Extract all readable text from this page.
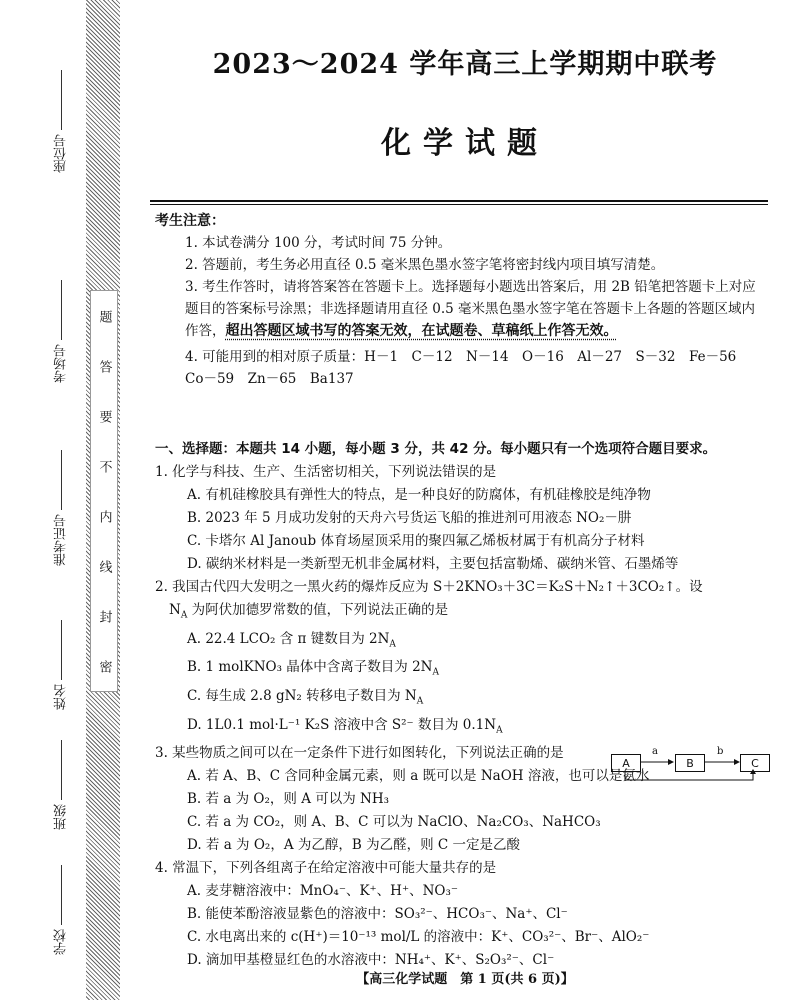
座位号
考场号
准考证号
姓名
班级
学校
题
答
要
不
内
线
封
密
2023～2024 学年高三上学期期中联考
化学试题
考生注意：
1. 本试卷满分 100 分，考试时间 75 分钟。
2. 答题前，考生务必用直径 0.5 毫米黑色墨水签字笔将密封线内项目填写清楚。
3. 考生作答时，请将答案答在答题卡上。选择题每小题选出答案后，用 2B 铅笔把答题卡上对应题目的答案标号涂黑；非选择题请用直径 0.5 毫米黑色墨水签字笔在答题卡上各题的答题区域内作答，超出答题区域书写的答案无效，在试题卷、草稿纸上作答无效。
4. 可能用到的相对原子质量：H－1　C－12　N－14　O－16　Al－27　S－32　Fe－56
Co－59　Zn－65　Ba137
一、选择题：本题共 14 小题，每小题 3 分，共 42 分。每小题只有一个选项符合题目要求。
1. 化学与科技、生产、生活密切相关，下列说法错误的是
A. 有机硅橡胶具有弹性大的特点，是一种良好的防腐体，有机硅橡胶是纯净物
B. 2023 年 5 月成功发射的天舟六号货运飞船的推进剂可用液态 NO₂－肼
C. 卡塔尔 Al Janoub 体育场屋顶采用的聚四氟乙烯板材属于有机高分子材料
D. 碳纳米材料是一类新型无机非金属材料，主要包括富勒烯、碳纳米管、石墨烯等
2. 我国古代四大发明之一黑火药的爆炸反应为 S＋2KNO₃＋3C＝K₂S＋N₂↑＋3CO₂↑。设
$N_A$ 为阿伏加德罗常数的值，下列说法正确的是
A. 22.4 LCO₂ 含 π 键数目为 $2N_A$
B. 1 molKNO₃ 晶体中含离子数目为 $2N_A$
C. 每生成 2.8 gN₂ 转移电子数目为 $N_A$
D. 1L0.1 mol·L⁻¹ K₂S 溶液中含 S²⁻ 数目为 $0.1N_A$
3. 某些物质之间可以在一定条件下进行如图转化，下列说法正确的是
A. 若 A、B、C 含同种金属元素，则 a 既可以是 NaOH 溶液，也可以是氨水
B. 若 a 为 O₂，则 A 可以为 NH₃
C. 若 a 为 CO₂，则 A、B、C 可以为 NaClO、Na₂CO₃、NaHCO₃
D. 若 a 为 O₂，A 为乙醇，B 为乙醛，则 C 一定是乙酸
4. 常温下，下列各组离子在给定溶液中可能大量共存的是
A. 麦芽糖溶液中：MnO₄⁻、K⁺、H⁺、NO₃⁻
B. 能使苯酚溶液显紫色的溶液中：SO₃²⁻、HCO₃⁻、Na⁺、Cl⁻
C. 水电离出来的 c(H⁺)＝10⁻¹³ mol/L 的溶液中：K⁺、CO₃²⁻、Br⁻、AlO₂⁻
D. 滴加甲基橙显红色的水溶液中：NH₄⁺、K⁺、S₂O₃²⁻、Cl⁻
A	B	C
a	b
【高三化学试题　第 1 页(共 6 页)】
